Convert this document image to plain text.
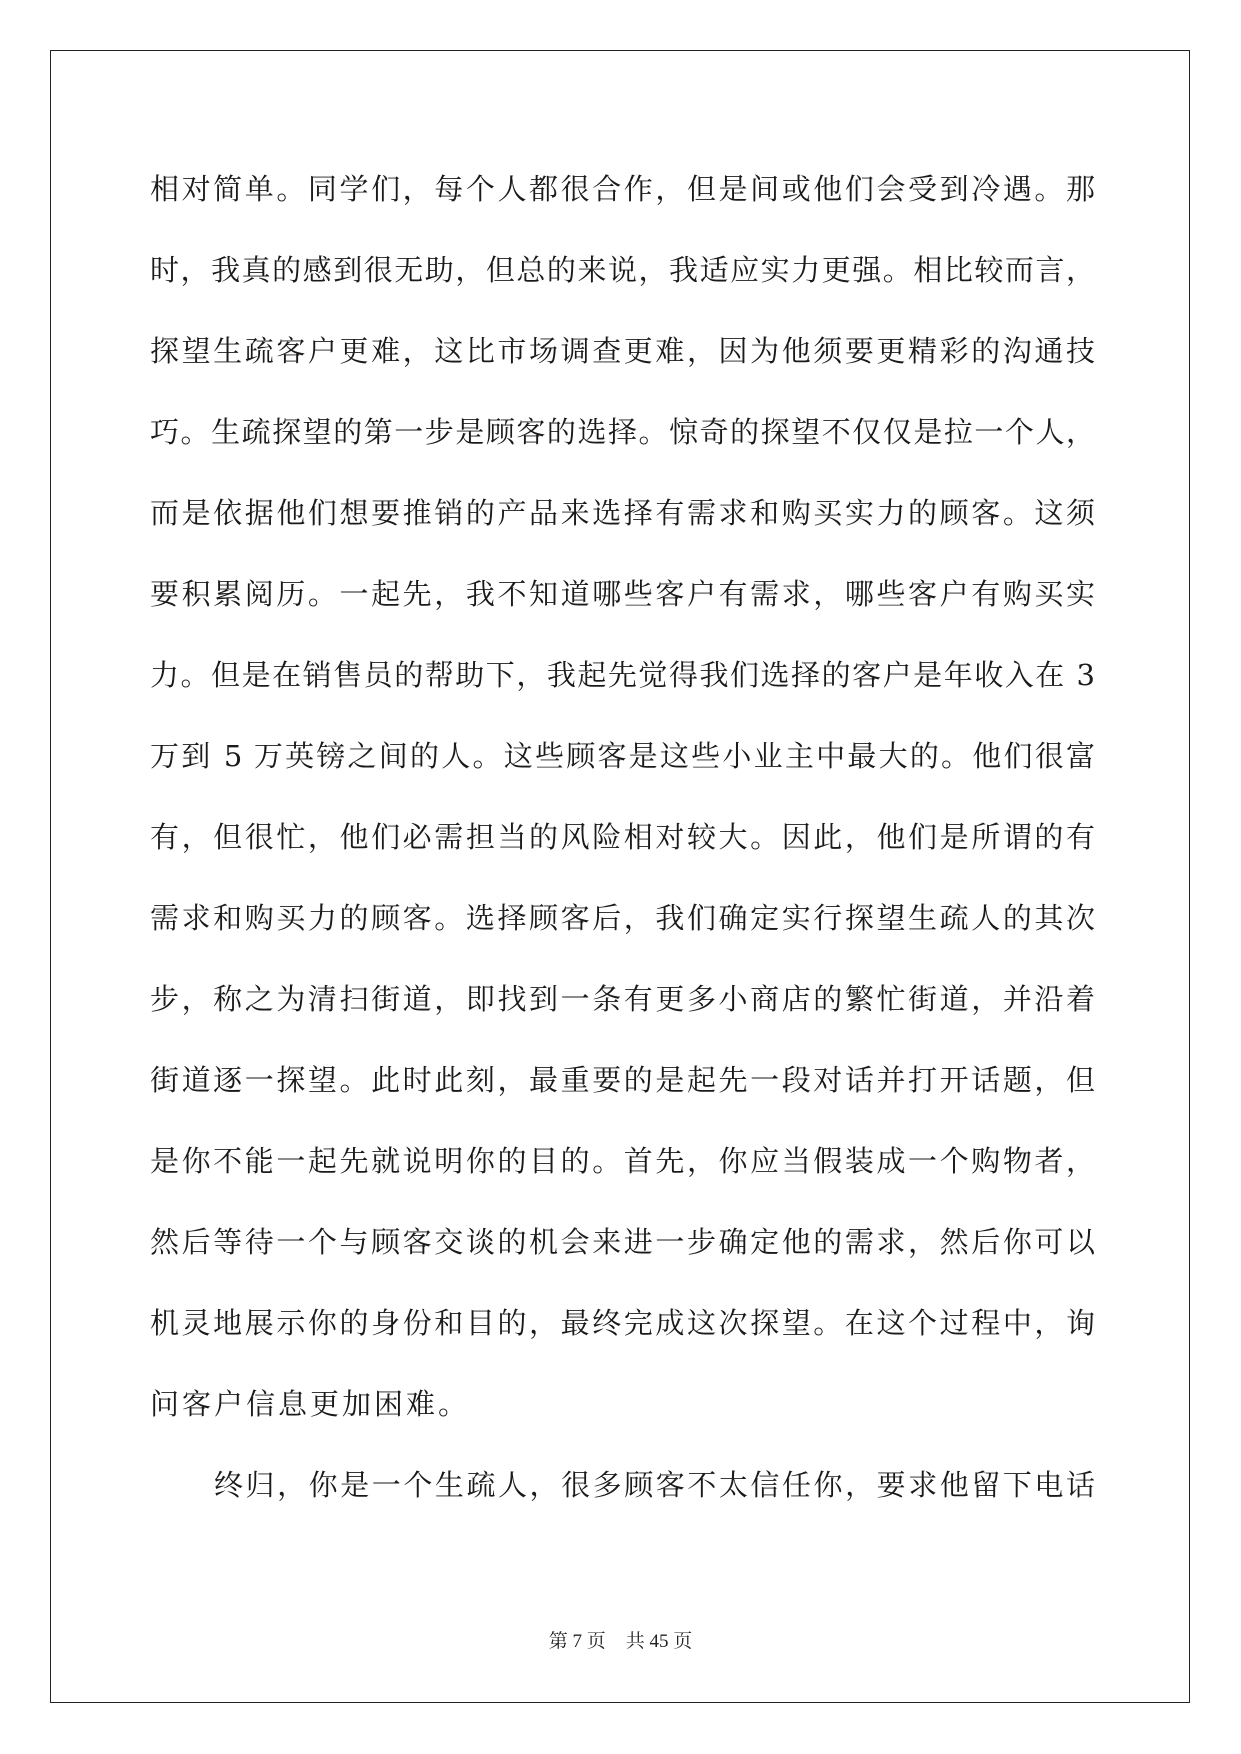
相对简单。同学们，每个人都很合作，但是间或他们会受到冷遇。那
时，我真的感到很无助，但总的来说，我适应实力更强。相比较而言，
探望生疏客户更难，这比市场调查更难，因为他须要更精彩的沟通技
巧。生疏探望的第一步是顾客的选择。惊奇的探望不仅仅是拉一个人，
而是依据他们想要推销的产品来选择有需求和购买实力的顾客。这须
要积累阅历。一起先，我不知道哪些客户有需求，哪些客户有购买实
力。但是在销售员的帮助下，我起先觉得我们选择的客户是年收入在 3
万到 5 万英镑之间的人。这些顾客是这些小业主中最大的。他们很富
有，但很忙，他们必需担当的风险相对较大。因此，他们是所谓的有
需求和购买力的顾客。选择顾客后，我们确定实行探望生疏人的其次
步，称之为清扫街道，即找到一条有更多小商店的繁忙街道，并沿着
街道逐一探望。此时此刻，最重要的是起先一段对话并打开话题，但
是你不能一起先就说明你的目的。首先，你应当假装成一个购物者，
然后等待一个与顾客交谈的机会来进一步确定他的需求，然后你可以
机灵地展示你的身份和目的，最终完成这次探望。在这个过程中，询
问客户信息更加困难。
终归，你是一个生疏人，很多顾客不太信任你，要求他留下电话
第 7 页 共 45 页
